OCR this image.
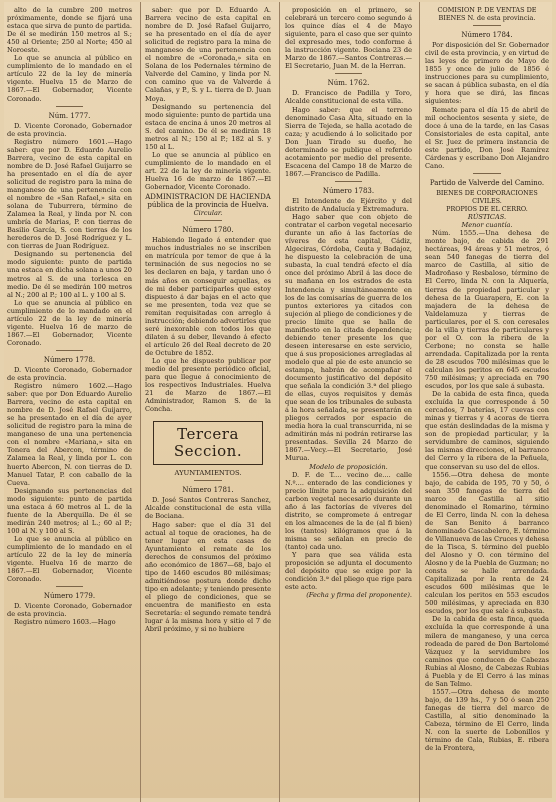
alto de la cumbre 200 metros próximamente, donde se fijará una estaca que sirva de punto de partida. De él se medirán 150 metros al S.; 450 al Oriente; 250 al Norte; 450 al Noroeste.

Lo que se anuncia al público en cumplimiento de lo mandado en el artículo 22 de la ley de minería vigente. Huelva 15 de Marzo de 1867.—El Gobernador, Vicente Coronado.

Núm. 1777.

D. Vicente Coronado, Gobernador de esta provincia.

Registro número 1601.—Hago saber: que por D. Eduardo Aurelio Barrera, vecino de esta capital en nombre de D. José Rafael Guijarro se ha presentado en el día de ayer solicitud de registro para la mina de manganeso de una pertenencia con el nombre de «San Rafael,» sita en solana de Tuburrera, término de Zalamea la Real, y linda por N. con umbría de Marias, P. con tierras de Basilio García, S. con tierras de los herederos de D. José Rodríguez y L. con tierras de Juan Rodríguez.

Designando su pertenencia del modo siguiente: punto de partida una estaca en dicha solana a unos 20 metros al S. de una torlesca en medio. De él se medirán 100 metros al N.; 200 al P.; 100 al L. y 100 al S.

Lo que se anuncia al público en cumplimiento de lo mandado en el artículo 22 de la ley de minería vigente. Huelva 16 de marzo de 1867.—El Gobernador, Vicente Coronado.

Número 1778.

D. Vicente Coronado, Gobernador de esta provincia.

Registro número 1602.—Hago saber: que por Don Eduardo Aurelio Barrera, vecino de esta capital en nombre de D. José Rafael Guijarro, se ha presentado en el día de ayer solicitud de registro para la mina de manganeso de una una pertenencia con el nombre «Mariana,» sita en Tonera del Abercon, término de Zalamea la Real, y linda por L. con huerto Abercon, N. con tierras de D. Manuel Tatar, P. con caballo de la Cueva.

Designando sus pertenencias del modo siguiente: punto de partida una estaca á 60 metros al L. de la fuente de la Aberquilla. De él se medirán 240 metros; al L.; 60 al P.; 100 al N. y 100 al S.

Lo que se anuncia al público en cumplimiento de lo mandado en el artículo 22 de la ley de minería vigente. Huelva 16 de marzo de 1867.—El Gobernador, Vicente Coronado.

Número 1779.

D. Vicente Coronado, Gobernador de esta provincia.

Registro número 1603.—Hago

saber: que por D. Eduardo A. Barrera vecino de esta capital en nombre de D. José Rafael Guijarro, se ha presentado en el día de ayer solicitud de registro para la mina de manganeso de una pertenencia con el nombre de «Coronada,» sita en Solana de los Pedernales término de Valverde del Camino, y linda por N. con camino que va de Valverde á Calañas, y P., S. y L. tierra de D. Juan Moya.

Designando su pertenencia del modo siguiente: punto de partida una estaca de encina á unos 20 metros al S. del camino. De él se medirán 18 metros al N.; 150 al P.; 182 al S. y 150 al L.

Lo que se anuncia al público en cumplimiento de lo mandado en el art. 22 de la ley de minería vigente. Huelva 16 de marzo de 1867.—El Gobernador, Vicente Coronado.

ADMINISTRACION DE HACIENDA pública de la provincia de Huelva.

Circular.

Número 1780.

Habiendo llegado á entender que muchos industriales no se inscriben en matrícula por temor de que á la terminación de sus negocios no se les declaren en baja, y tardan uno ó más años en conseguir aquellas, es de mi deber participarles que estoy dispuesto á dar bajas en el acto que se me presenten, toda vez que se remitan requisitadas con arreglo á instrucción; debiendo advertirles que seré inexorable con todos los que dilaten á su deber, llevando á efecto el artículo 26 del Real decreto de 20 de Octubre de 1852.

Lo que he dispuesto publicar por medio del presente periódico oficial, para que llegue á conocimiento de los respectivos Industriales. Huelva 21 de Marzo de 1867.—El Administrador, Ramon S. de la Concha.

Tercera Seccion.

AYUNTAMIENTOS.

Número 1781.

D. José Santos Contreras Sanchez, Alcalde constitucional de esta villa de Bociana.

Hago saber: que el día 31 del actual al toque de oraciones, ha de tener lugar en esta casas de Ayuntamiento el remate de los derechos de consumos del próximo año económico de 1867—68, bajo el tipo de 1460 escudos 80 milésimas; admitiéndose postura donde dicho tipo en adelante; y teniendo presente el pliego de condiciones, que se encuentra de manifiesto en esta Secretaría: el segundo remate tendrá lugar á la misma hora y sitio el 7 de Abril próximo, y si no hubiere

proposición en el primero, se celebrará un tercero como segundo á los quince días el 4 de Mayo siguiente, para el caso que ser quinto del expresado mes, todo conforme á la instrucción vigente. Bociana 23 de Marzo de 1867.—Santos Contreras.—El Secretario, Juan M. de la Herran.

Núm. 1762.

D. Francisco de Padilla y Toro, Alcalde constitucional de esta villa.

Hago saber: que el terreno denominado Casa Alta, situado en la Sierra de Tejeda, se halla acotado de caza; y acudiendo á lo solicitado por Don Juan Tirado su dueño, he determinado se publique el referido acotamiento por medio del presente. Escacena del Campo 18 de Marzo de 1867.—Francisco de Padilla.

Número 1783.

El Intendente de Ejército y del distrito de Andalucía y Extremadura.

Hago saber que con objeto de contratar el carbon vegetal necesario durante un año á las factorías de víveres de esta capital, Cádiz, Algeciras, Córdoba, Ceuta y Badajoz, he dispuesto la celebración de una subasta, la cual tendrá efecto el día once del próximo Abril á las doce de su mañana en los estrados de esta Intendencia y simultáneamente en los de las comisarías de guerra de los puntos exteriores ya citados con sujeción al pliego de condiciones y de precio límite que se halla de manifiesto en la citada dependencia; debiendo tener presente los que deseen interesarse en este servicio, que á sus proposiciones arregladas al modelo que al pie de este anuncio se estampa, habrán de acompañar el documento justificativo del depósito que señala la condición 3.ª del pliego de ellas, cuyos requisitos y demás que sean de los tribunales de subasta á la hora señalada, se presentarán en pliegos cerrados por espacio de media hora la cual transcurrida, ni se admitirán más ni podrán retirarse las presentadas. Sevilla 24 Marzo de 1867.—Vecy.—El Secretario, José Murua.

Modelo de proposición.

D. F. de T.... vecino de.... calle N.º.... enterado de las condiciones y precio límite para la adquisición del carbon vegetal necesario durante un año á las factorías de víveres del distrito, se compromete á entregar en los almacenes de la de (al fi bien) los (tantos) kilógramos que á la misma se señalan en precio de (tanto) cada uno.

Y para que sea válida esta proposición se adjunta el documento del depósito que se exige por la condición 3.ª del pliego que rige para este acto.

(Fecha y firma del proponente).

COMISION P. DE VENTAS DE BIENES N. de esta provincia.

Número 1784.

Por disposición del Sr. Gobernador civil de esta provincia, y en virtud de las leyes de primero de Mayo de 1855 y once de julio de 1856 é instrucciones para su cumplimiento, se sacan á pública subasta, en el día y hora que se dirá, las fincas siguientes:

Remate para el día 15 de abril de mil ochocientos sesenta y siete, de doce á una de la tarde, en las Casas Consistoriales de esta capital, ante el Sr. Juez de primera instancia de este partido, Don José Ramírez Cárdenas y escribano Don Alejandro Cano.

Partido de Valverde del Camino.

BIENES DE CORPORACIONES CIVILES.

PROPIOS DE EL CERRO.

RÚSTICAS.

Menor cuantía.

Núm. 1555.—Una dehesa de monte bajo, de cabida de 291 hectáreas, 94 áreas y 51 metros, ó sean 540 fanegas de tierra del marco de Castilla, al sitio de Madroñaso y Resbaloso, término de El Cerro, linda N. con la Alquería, tierras de propiedad particular y dehesa de la Guarapera, E. con la majadera de la dehesa de Valdelamuza y tierras de particulares, por el S. con ceresales de la villa y tierras de particulares y por el O. con la ribera de la Cerbone; no consta se halle arrendada. Capitalizada por la renta de 28 escudos 700 milésimas que le calculan los peritos en 645 escudos 750 milésimas; y apreciada en 790 escudos, por los que sale á subasta.

De la cabida de esta finca, queda excluída la que corresponde á 50 cercados, 7 baterías, 17 cuevas con minas y tierras y 4 acoras de tierra que están deslindadas de la misma y son de propiedad particular, y la servidumbre de caminos, siguiendo las mismas direcciones, el barranco del Cerro y la ribera de la Peñuela, que conservan su uso del de ellos.

1556.—Otra dehesa de monte bajo, de cabida de 195, 70 y 50, ó sean 350 fanegas de tierra del marco de Castilla al sitio denominado el Romarino, término de El Cerro, linda N. con la dehesa de San Benito á barranco denominado Cascabelero, E. término de Villanueva de las Cruces y dehesa de la Tisca, S. término del pueblo del Alosno y O. con término del Alosno y de la Puebla de Guzman; no consta se halle arrendada. Capitalizada por la renta de 24 escudos 600 milésimas que le calculan los peritos en 553 escudos 500 milésimas, y apreciada en 830 escudos, por los que sale á subasta.

De la cabida de esta finca, queda excluída la que corresponde á una milera de manganeso, y una cerca rodeada de pared de Don Bartolomé Vázquez y la servidumbre los caminos que conducen de Cabezas Rubias al Alosno, de Cabezas Rubias á Puebla y de El Cerro á las minas de San Telmo.

1557.—Otra dehesa de monte bajo, de 139 hs., 7 y 50 ó sean 250 fanegas de tierra del marco de Castilla, al sitio denominado la Cabeza, término de El Cerro, linda N. con la suerte de Lobonillos y término de Cala, Rubias, E. ribera de la Frontera,
